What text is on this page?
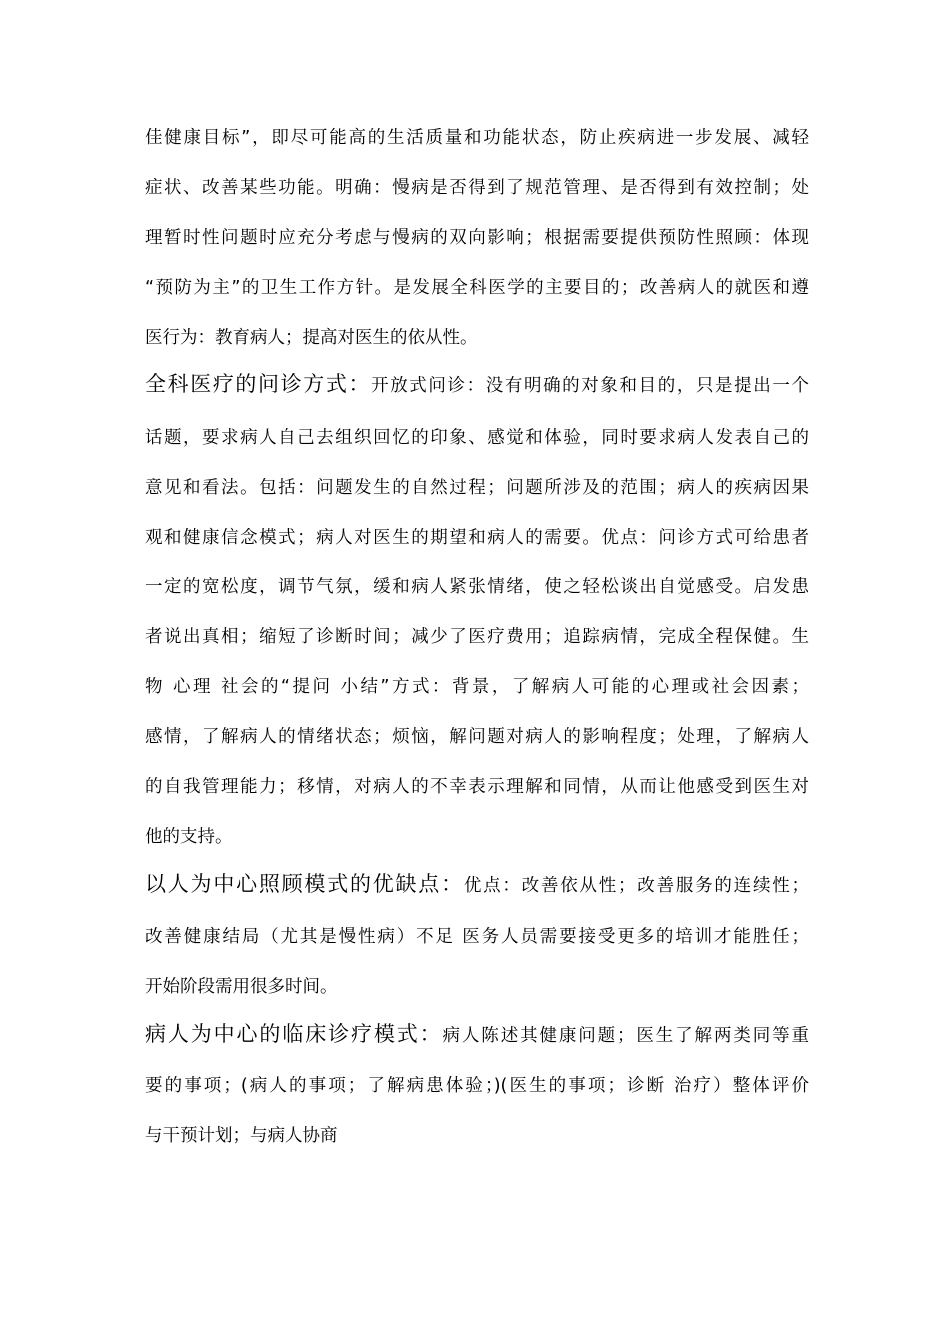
佳健康目标”，即尽可能高的生活质量和功能状态，防止疾病进一步发展、减轻
症状、改善某些功能。明确：慢病是否得到了规范管理、是否得到有效控制；处
理暂时性问题时应充分考虑与慢病的双向影响；根据需要提供预防性照顾：体现
“预防为主”的卫生工作方针。是发展全科医学的主要目的；改善病人的就医和遵
医行为：教育病人；提高对医生的依从性。
全科医疗的问诊方式：开放式问诊：没有明确的对象和目的，只是提出一个
话题，要求病人自己去组织回忆的印象、感觉和体验，同时要求病人发表自己的
意见和看法。包括：问题发生的自然过程；问题所涉及的范围；病人的疾病因果
观和健康信念模式；病人对医生的期望和病人的需要。优点：问诊方式可给患者
一定的宽松度，调节气氛，缓和病人紧张情绪，使之轻松谈出自觉感受。启发患
者说出真相；缩短了诊断时间；减少了医疗费用；追踪病情，完成全程保健。生
物 心理 社会的“提问 小结”方式：背景，了解病人可能的心理或社会因素；
感情，了解病人的情绪状态；烦恼，解问题对病人的影响程度；处理，了解病人
的自我管理能力；移情，对病人的不幸表示理解和同情，从而让他感受到医生对
他的支持。
以人为中心照顾模式的优缺点：优点：改善依从性；改善服务的连续性；
改善健康结局（尤其是慢性病）不足 医务人员需要接受更多的培训才能胜任；
开始阶段需用很多时间。
病人为中心的临床诊疗模式：病人陈述其健康问题；医生了解两类同等重
要的事项；(病人的事项；了解病患体验；)(医生的事项；诊断 治疗）整体评价
与干预计划；与病人协商
